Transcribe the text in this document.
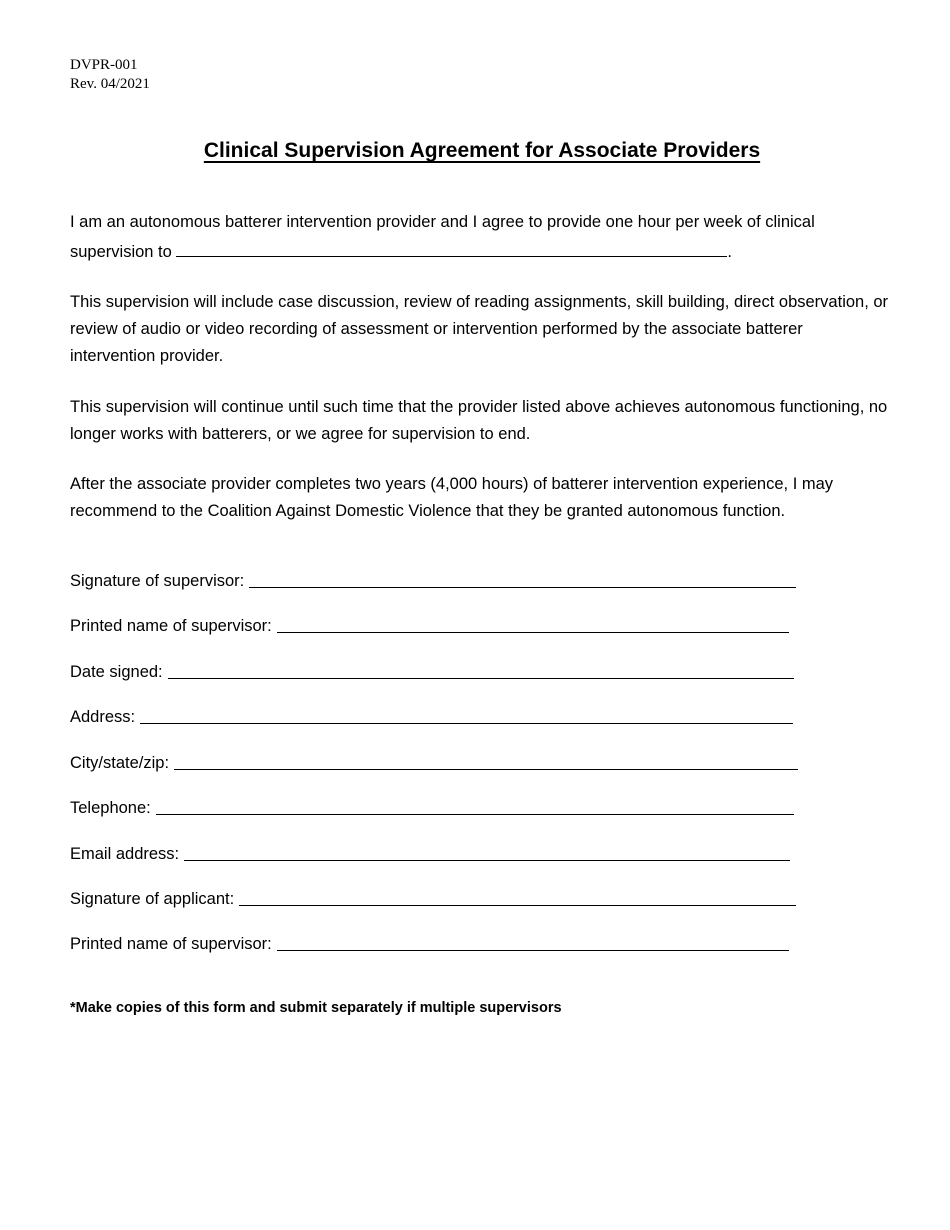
DVPR-001
Rev. 04/2021
Clinical Supervision Agreement for Associate Providers

I am an autonomous batterer intervention provider and I agree to provide one hour per week of clinical
supervision to	.

This supervision will include case discussion, review of reading assignments, skill building, direct observation, or review of audio or video recording of assessment or intervention performed by the associate batterer intervention provider.

This supervision will continue until such time that the provider listed above achieves autonomous functioning, no longer works with batterers, or we agree for supervision to end.

After the associate provider completes two years (4,000 hours) of batterer intervention experience, I may recommend to the Coalition Against Domestic Violence that they be granted autonomous function.

Signature of supervisor:
Printed name of supervisor:
Date signed:
Address:
City/state/zip:
Telephone:
Email address:
Signature of applicant:
Printed name of supervisor:

*Make copies of this form and submit separately if multiple supervisors
